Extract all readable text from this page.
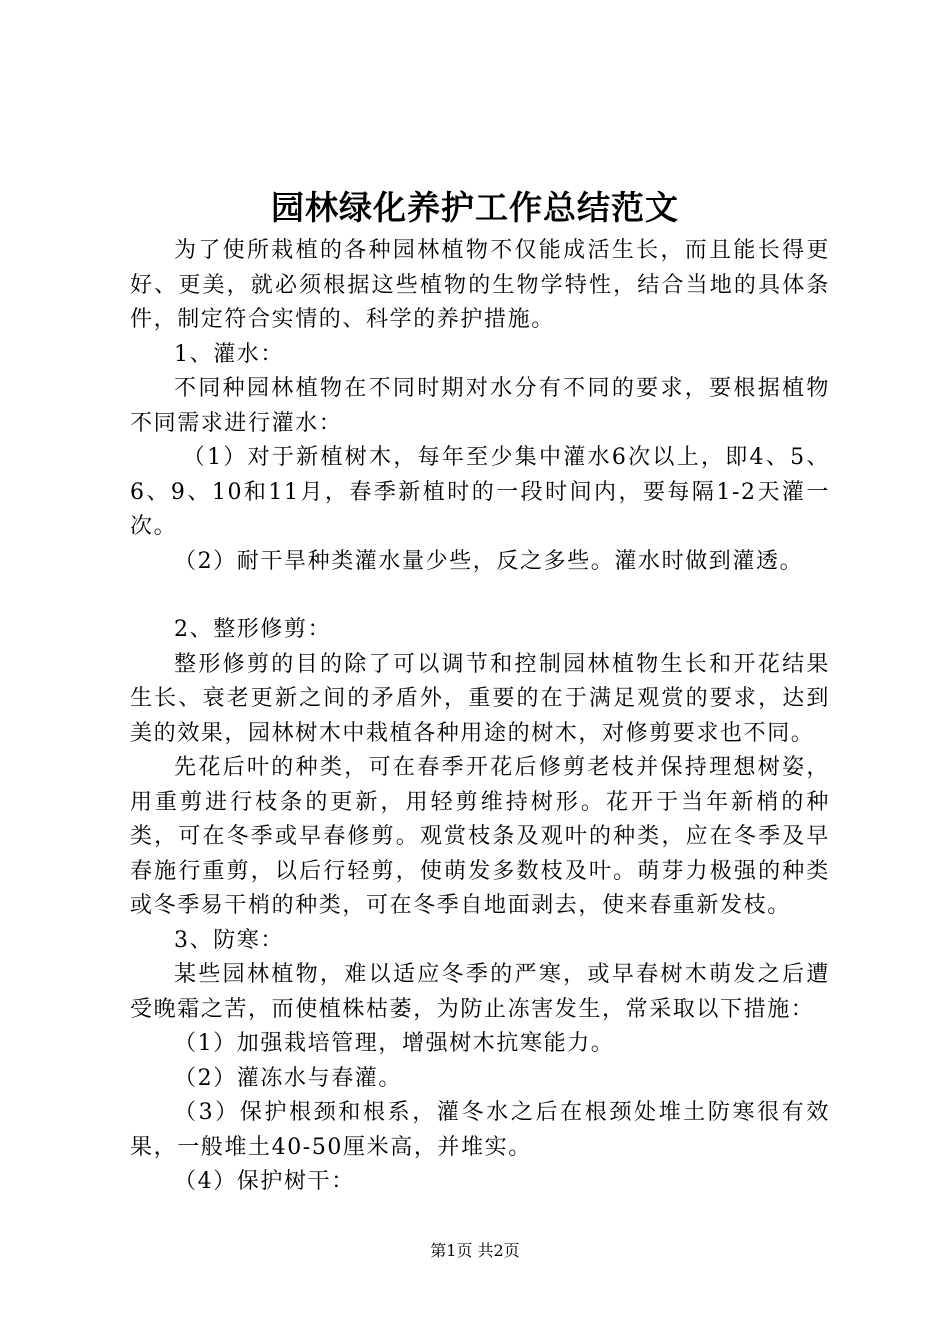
园林绿化养护工作总结范文

为了使所栽植的各种园林植物不仅能成活生长，而且能长得更好、更美，就必须根据这些植物的生物学特性，结合当地的具体条件，制定符合实情的、科学的养护措施。

1、灌水：

不同种园林植物在不同时期对水分有不同的要求，要根据植物不同需求进行灌水：

（1）对于新植树木，每年至少集中灌水6次以上，即4、5、6、9、10和11月，春季新植时的一段时间内，要每隔1-2天灌一次。

（2）耐干旱种类灌水量少些，反之多些。灌水时做到灌透。

2、整形修剪：

整形修剪的目的除了可以调节和控制园林植物生长和开花结果生长、衰老更新之间的矛盾外，重要的在于满足观赏的要求，达到美的效果，园林树木中栽植各种用途的树木，对修剪要求也不同。

先花后叶的种类，可在春季开花后修剪老枝并保持理想树姿，用重剪进行枝条的更新，用轻剪维持树形。花开于当年新梢的种类，可在冬季或早春修剪。观赏枝条及观叶的种类，应在冬季及早春施行重剪，以后行轻剪，使萌发多数枝及叶。萌芽力极强的种类或冬季易干梢的种类，可在冬季自地面剥去，使来春重新发枝。

3、防寒：

某些园林植物，难以适应冬季的严寒，或早春树木萌发之后遭受晚霜之苦，而使植株枯萎，为防止冻害发生，常采取以下措施：

（1）加强栽培管理，增强树木抗寒能力。

（2）灌冻水与春灌。

（3）保护根颈和根系，灌冬水之后在根颈处堆土防寒很有效果，一般堆土40-50厘米高，并堆实。

（4）保护树干：

第1页 共2页
